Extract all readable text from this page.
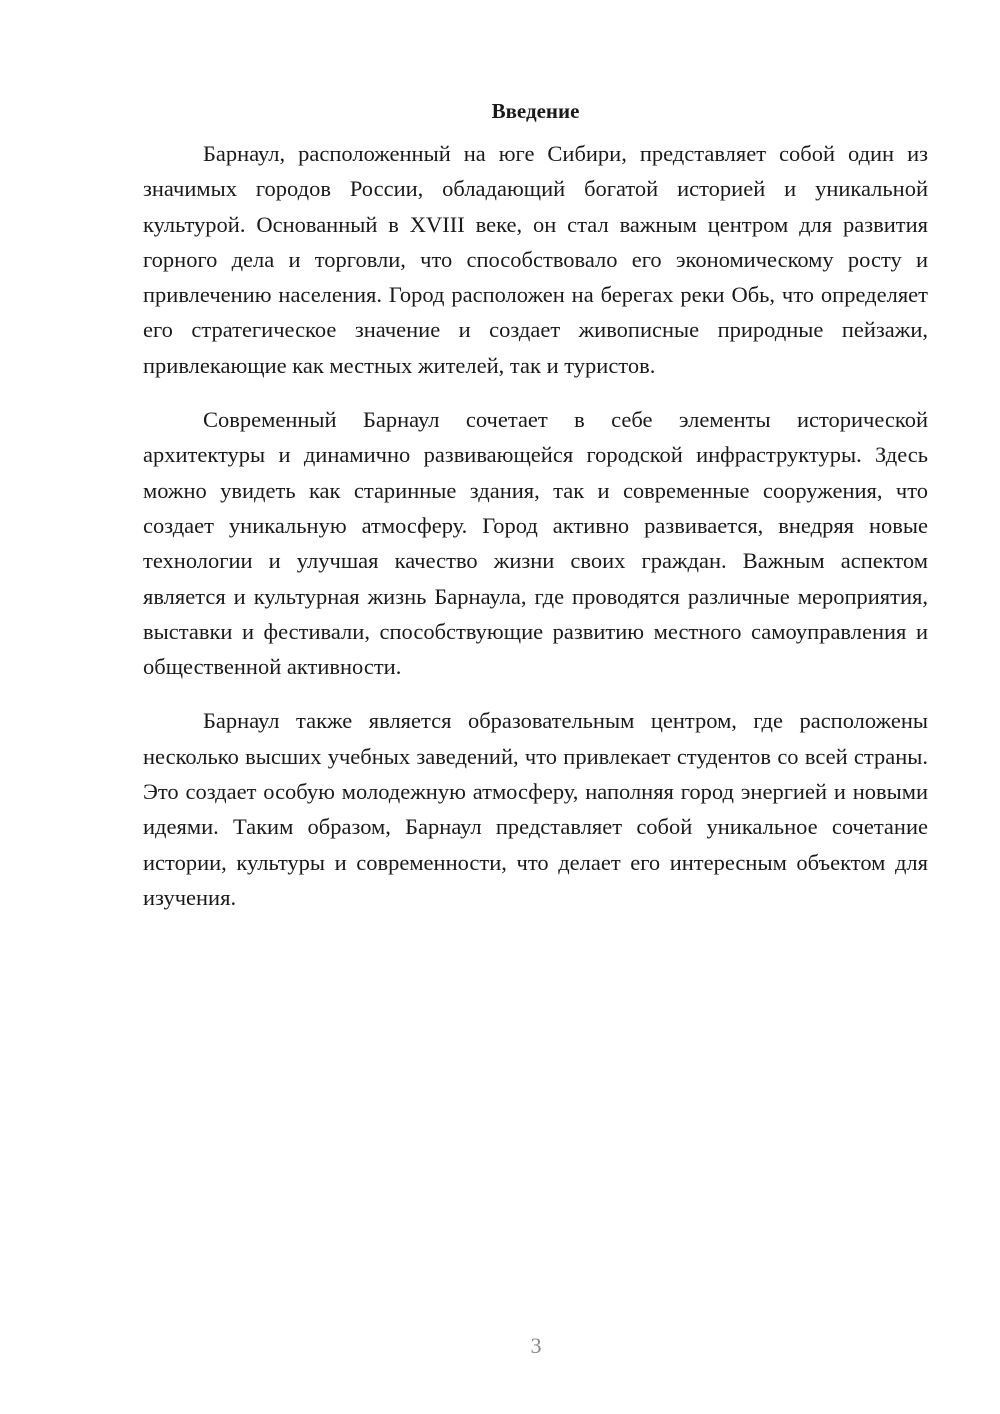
Введение

Барнаул, расположенный на юге Сибири, представляет собой один из значимых городов России, обладающий богатой историей и уникальной культурой. Основанный в XVIII веке, он стал важным центром для развития горного дела и торговли, что способствовало его экономическому росту и привлечению населения. Город расположен на берегах реки Обь, что определяет его стратегическое значение и создает живописные природные пейзажи, привлекающие как местных жителей, так и туристов.

Современный Барнаул сочетает в себе элементы исторической архитектуры и динамично развивающейся городской инфраструктуры. Здесь можно увидеть как старинные здания, так и современные сооружения, что создает уникальную атмосферу. Город активно развивается, внедряя новые технологии и улучшая качество жизни своих граждан. Важным аспектом является и культурная жизнь Барнаула, где проводятся различные мероприятия, выставки и фестивали, способствующие развитию местного самоуправления и общественной активности.

Барнаул также является образовательным центром, где расположены несколько высших учебных заведений, что привлекает студентов со всей страны. Это создает особую молодежную атмосферу, наполняя город энергией и новыми идеями. Таким образом, Барнаул представляет собой уникальное сочетание истории, культуры и современности, что делает его интересным объектом для изучения.

3
